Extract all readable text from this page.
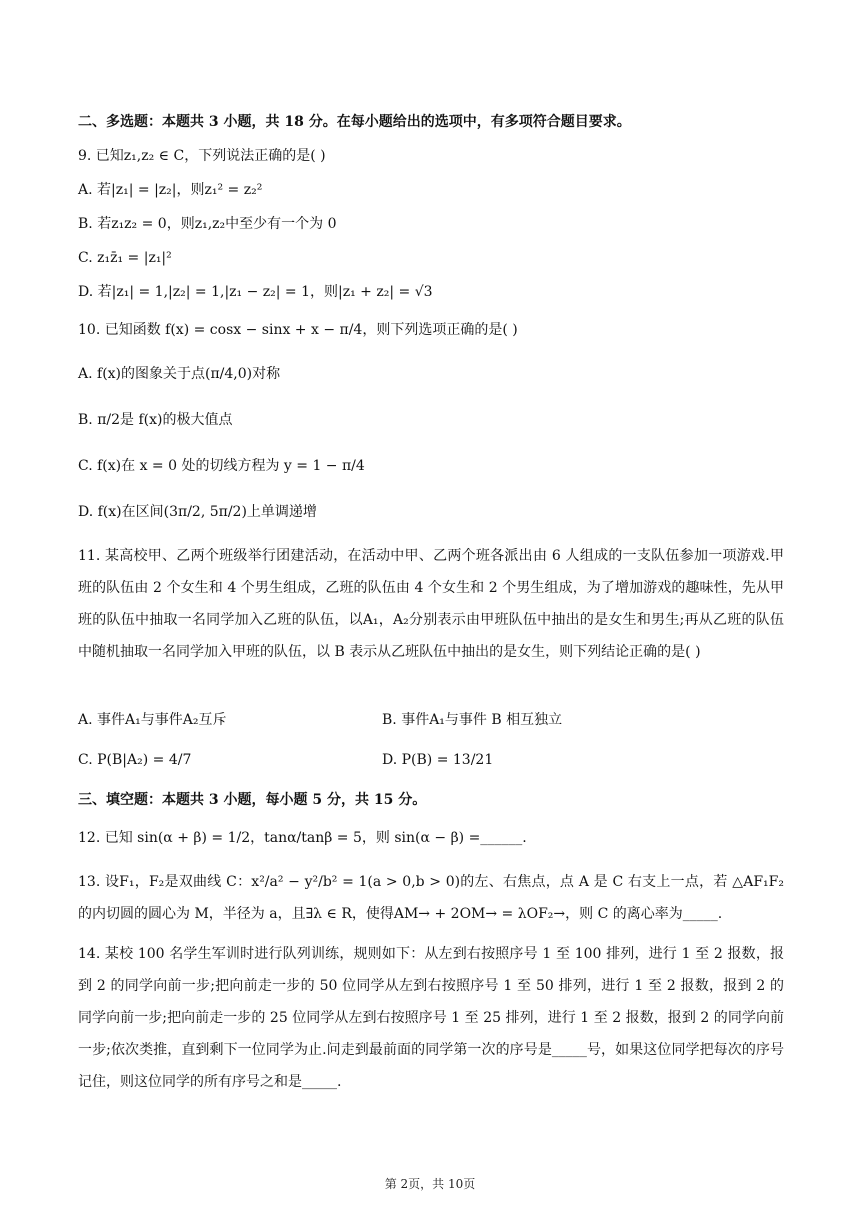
二、多选题：本题共 3 小题，共 18 分。在每小题给出的选项中，有多项符合题目要求。
9. 已知z₁,z₂ ∈ C，下列说法正确的是( )
A. 若|z₁| = |z₂|，则z₁² = z₂²
B. 若z₁z₂ = 0，则z₁,z₂中至少有一个为 0
C. z₁z̄₁ = |z₁|²
D. 若|z₁| = 1,|z₂| = 1,|z₁ − z₂| = 1，则|z₁ + z₂| = √3
10. 已知函数 f(x) = cosx − sinx + x − π/4，则下列选项正确的是( )
A. f(x)的图象关于点(π/4,0)对称
B. π/2是 f(x)的极大值点
C. f(x)在 x = 0 处的切线方程为 y = 1 − π/4
D. f(x)在区间(3π/2, 5π/2)上单调递增
11. 某高校甲、乙两个班级举行团建活动，在活动中甲、乙两个班各派出由 6 人组成的一支队伍参加一项游戏.甲班的队伍由 2 个女生和 4 个男生组成，乙班的队伍由 4 个女生和 2 个男生组成，为了增加游戏的趣味性，先从甲班的队伍中抽取一名同学加入乙班的队伍，以A₁，A₂分别表示由甲班队伍中抽出的是女生和男生;再从乙班的队伍中随机抽取一名同学加入甲班的队伍，以 B 表示从乙班队伍中抽出的是女生，则下列结论正确的是( )
A. 事件A₁与事件A₂互斥	B. 事件A₁与事件 B 相互独立
C. P(B|A₂) = 4/7	D. P(B) = 13/21
三、填空题：本题共 3 小题，每小题 5 分，共 15 分。
12. 已知 sin(α + β) = 1/2，tanα/tanβ = 5，则 sin(α − β) =______.
13. 设F₁，F₂是双曲线 C：x²/a² − y²/b² = 1(a > 0,b > 0)的左、右焦点，点 A 是 C 右支上一点，若 △AF₁F₂的内切圆的圆心为 M，半径为 a，且∃λ ∈ R，使得AM→ + 2OM→ = λOF₂→，则 C 的离心率为_____.
14. 某校 100 名学生军训时进行队列训练，规则如下：从左到右按照序号 1 至 100 排列，进行 1 至 2 报数，报到 2 的同学向前一步;把向前走一步的 50 位同学从左到右按照序号 1 至 50 排列，进行 1 至 2 报数，报到 2 的同学向前一步;把向前走一步的 25 位同学从左到右按照序号 1 至 25 排列，进行 1 至 2 报数，报到 2 的同学向前一步;依次类推，直到剩下一位同学为止.问走到最前面的同学第一次的序号是_____号，如果这位同学把每次的序号记住，则这位同学的所有序号之和是_____.
第 2页，共 10页
